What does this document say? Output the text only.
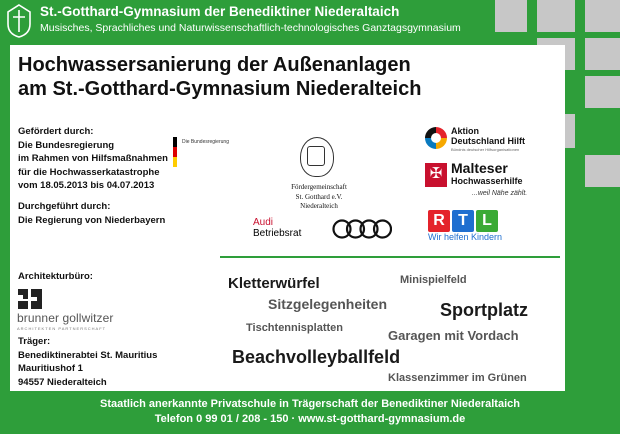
St.-Gotthard-Gymnasium der Benediktiner Niederaltaich
Musisches, Sprachliches und Naturwissenschaftlich-technologisches Ganztagsgymnasium
Hochwassersanierung der Außenanlagen
am St.-Gotthard-Gymnasium Niederalteich
Gefördert durch:
Die Bundesregierung
im Rahmen von Hilfsmaßnahmen
für die Hochwasserkatastrophe
vom 18.05.2013 bis 04.07.2013
Durchgeführt durch:
Die Regierung von Niederbayern
Die Bundesregierung
Fördergemeinschaft
St. Gotthard e.V.
Niederalteich
Audi
Betriebsrat
Aktion
Deutschland Hilft
Bündnis deutscher Hilfsorganisationen
✠ Malteser
Hochwasserhilfe
...weil Nähe zählt.
R T L
Wir helfen Kindern
Architekturbüro:
brunner gollwitzer
ARCHITEKTEN PARTNERSCHAFT
Träger:
Benediktinerabtei St. Mauritius
Mauritiushof 1
94557 Niederalteich
Kletterwürfel	Minispielfeld
Sitzgelegenheiten	Sportplatz
Tischtennisplatten	Garagen mit Vordach
Beachvolleyballfeld
Klassenzimmer im Grünen
Staatlich anerkannte Privatschule in Trägerschaft der Benediktiner Niederaltaich
Telefon 0 99 01 / 208 - 150 · www.st-gotthard-gymnasium.de
